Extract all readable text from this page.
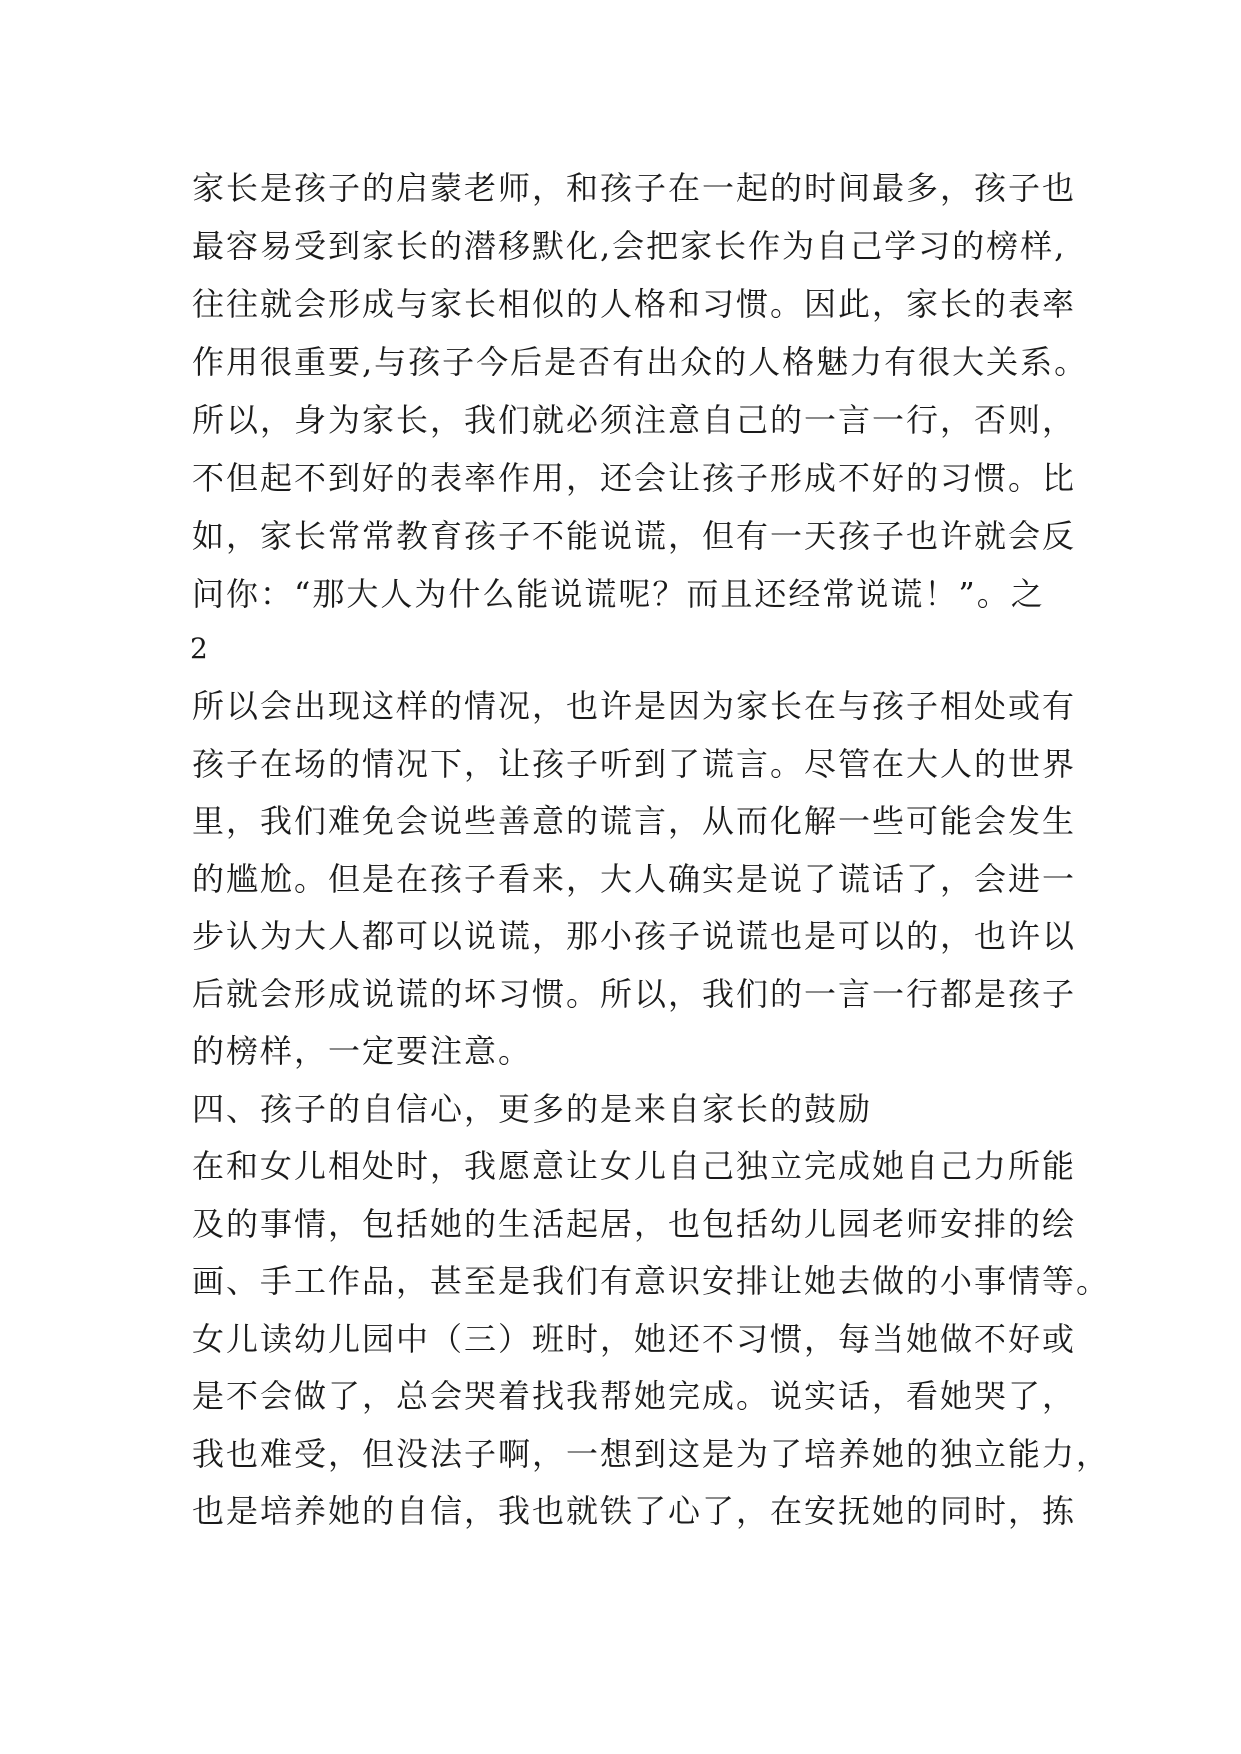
家长是孩子的启蒙老师，和孩子在一起的时间最多，孩子也
最容易受到家长的潜移默化,会把家长作为自己学习的榜样,
往往就会形成与家长相似的人格和习惯。因此，家长的表率
作用很重要,与孩子今后是否有出众的人格魅力有很大关系。
所以，身为家长，我们就必须注意自己的一言一行，否则，
不但起不到好的表率作用，还会让孩子形成不好的习惯。比
如，家长常常教育孩子不能说谎，但有一天孩子也许就会反
问你：“那大人为什么能说谎呢？而且还经常说谎！”。之
2
所以会出现这样的情况，也许是因为家长在与孩子相处或有
孩子在场的情况下，让孩子听到了谎言。尽管在大人的世界
里，我们难免会说些善意的谎言，从而化解一些可能会发生
的尴尬。但是在孩子看来，大人确实是说了谎话了，会进一
步认为大人都可以说谎，那小孩子说谎也是可以的，也许以
后就会形成说谎的坏习惯。所以，我们的一言一行都是孩子
的榜样，一定要注意。
四、孩子的自信心，更多的是来自家长的鼓励
在和女儿相处时，我愿意让女儿自己独立完成她自己力所能
及的事情，包括她的生活起居，也包括幼儿园老师安排的绘
画、手工作品，甚至是我们有意识安排让她去做的小事情等。
女儿读幼儿园中（三）班时，她还不习惯，每当她做不好或
是不会做了，总会哭着找我帮她完成。说实话，看她哭了，
我也难受，但没法子啊，一想到这是为了培养她的独立能力，
也是培养她的自信，我也就铁了心了，在安抚她的同时，拣
